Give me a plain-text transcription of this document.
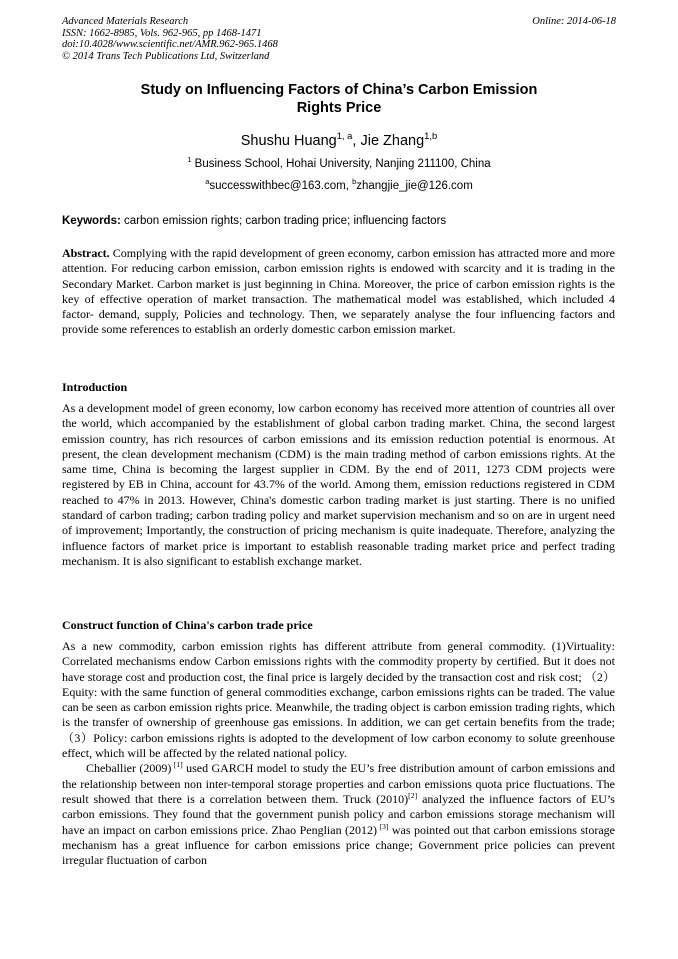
Advanced Materials Research
ISSN: 1662-8985, Vols. 962-965, pp 1468-1471
doi:10.4028/www.scientific.net/AMR.962-965.1468
© 2014 Trans Tech Publications Ltd, Switzerland
Online: 2014-06-18
Study on Influencing Factors of China’s Carbon Emission
Rights Price
Shushu Huang$^{1, a}$, Jie Zhang$^{1,b}$
$^1$ Business School, Hohai University, Nanjing 211100, China
$^a$successwithbec@163.com, $^b$zhangjie_jie@126.com
Keywords: carbon emission rights; carbon trading price; influencing factors

Abstract. Complying with the rapid development of green economy, carbon emission has attracted more and more attention. For reducing carbon emission, carbon emission rights is endowed with scarcity and it is trading in the Secondary Market. Carbon market is just beginning in China. Moreover, the price of carbon emission rights is the key of effective operation of market transaction. The mathematical model was established, which included 4 factor- demand, supply, Policies and technology. Then, we separately analyse the four influencing factors and provide some references to establish an orderly domestic carbon emission market.

Introduction

As a development model of green economy, low carbon economy has received more attention of countries all over the world, which accompanied by the establishment of global carbon trading market. China, the second largest emission country, has rich resources of carbon emissions and its emission reduction potential is enormous. At present, the clean development mechanism (CDM) is the main trading method of carbon emissions rights. At the same time, China is becoming the largest supplier in CDM. By the end of 2011, 1273 CDM projects were registered by EB in China, account for 43.7% of the world. Among them, emission reductions registered in CDM reached to 47% in 2013. However, China's domestic carbon trading market is just starting. There is no unified standard of carbon trading; carbon trading policy and market supervision mechanism and so on are in urgent need of improvement; Importantly, the construction of pricing mechanism is quite inadequate. Therefore, analyzing the influence factors of market price is important to establish reasonable trading market price and perfect trading mechanism. It is also significant to establish exchange market.

Construct function of China's carbon trade price

As a new commodity, carbon emission rights has different attribute from general commodity. (1)Virtuality: Correlated mechanisms endow Carbon emissions rights with the commodity property by certified. But it does not have storage cost and production cost, the final price is largely decided by the transaction cost and risk cost; （2）Equity: with the same function of general commodities exchange, carbon emissions rights can be traded. The value can be seen as carbon emission rights price. Meanwhile, the trading object is carbon emission trading rights, which is the transfer of ownership of greenhouse gas emissions. In addition, we can get certain benefits from the trade; （3）Policy: carbon emissions rights is adopted to the development of low carbon economy to solute greenhouse effect, which will be affected by the related national policy.

Cheballier (2009) [1] used GARCH model to study the EU’s free distribution amount of carbon emissions and the relationship between non inter-temporal storage properties and carbon emissions quota price fluctuations. The result showed that there is a correlation between them. Truck (2010)[2] analyzed the influence factors of EU’s carbon emissions. They found that the government punish policy and carbon emissions storage mechanism will have an impact on carbon emissions price. Zhao Penglian (2012) [3] was pointed out that carbon emissions storage mechanism has a great influence for carbon emissions price change; Government price policies can prevent irregular fluctuation of carbon
